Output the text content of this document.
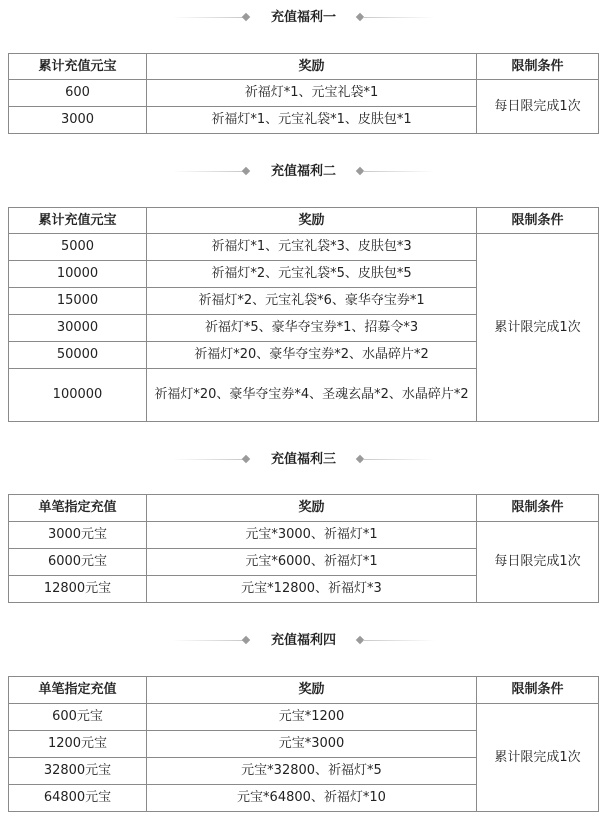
充值福利一
累计充值元宝	奖励	限制条件
600	祈福灯*1、元宝礼袋*1	每日限完成1次
3000	祈福灯*1、元宝礼袋*1、皮肤包*1	
充值福利二
累计充值元宝	奖励	限制条件
5000	祈福灯*1、元宝礼袋*3、皮肤包*3	累计限完成1次
10000	祈福灯*2、元宝礼袋*5、皮肤包*5	
15000	祈福灯*2、元宝礼袋*6、豪华夺宝券*1	
30000	祈福灯*5、豪华夺宝券*1、招募令*3	
50000	祈福灯*20、豪华夺宝券*2、水晶碎片*2	
100000	祈福灯*20、豪华夺宝券*4、圣魂玄晶*2、水晶碎片*2	
充值福利三
单笔指定充值	奖励	限制条件
3000元宝	元宝*3000、祈福灯*1	每日限完成1次
6000元宝	元宝*6000、祈福灯*1	
12800元宝	元宝*12800、祈福灯*3	
充值福利四
单笔指定充值	奖励	限制条件
600元宝	元宝*1200	累计限完成1次
1200元宝	元宝*3000	
32800元宝	元宝*32800、祈福灯*5	
64800元宝	元宝*64800、祈福灯*10	
